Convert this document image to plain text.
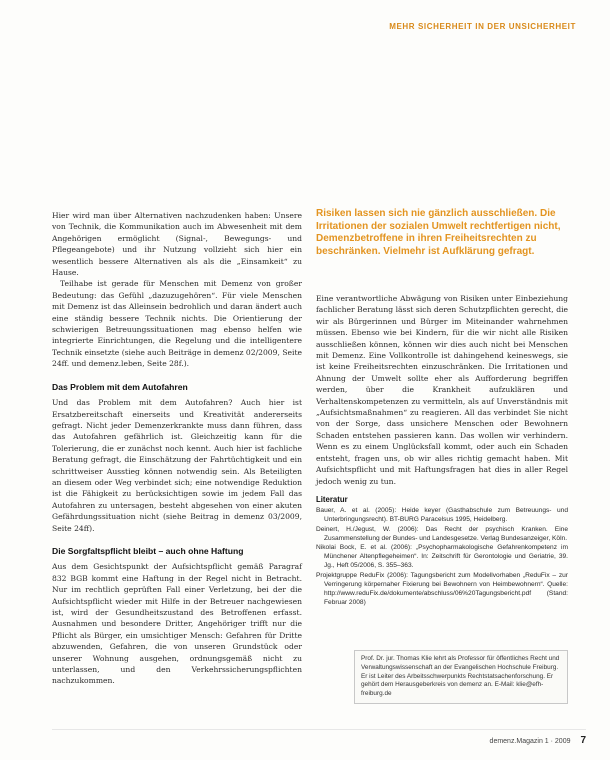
MEHR SICHERHEIT IN DER UNSICHERHEIT

Hier wird man über Alternativen nachzudenken haben: Unsere von Technik, die Kommunikation auch im Abwesenheit mit dem Angehörigen ermöglicht (Signal-, Bewegungs- und Pflegeangebote) und ihr Nutzung vollzieht sich hier ein wesentlich bessere Alternativen als als die „Einsamkeit“ zu Hause.

Teilhabe ist gerade für Menschen mit Demenz von großer Bedeutung: das Gefühl „dazuzugehören“. Für viele Menschen mit Demenz ist das Alleinsein bedrohlich und daran ändert auch eine ständig bessere Technik nichts. Die Orientierung der schwierigen Betreuungssituationen mag ebenso helfen wie integrierte Einrichtungen, die Regelung und die intelligentere Technik einsetzte (siehe auch Beiträge in demenz 02/2009, Seite 24ff. und demenz.leben, Seite 28f.).

Das Problem mit dem Autofahren

Und das Problem mit dem Autofahren? Auch hier ist Ersatzbereitschaft einerseits und Kreativität andererseits gefragt. Nicht jeder Demenzerkrankte muss dann führen, dass das Autofahren gefährlich ist. Gleichzeitig kann für die Tolerierung, die er zunächst noch kennt. Auch hier ist fachliche Beratung gefragt, die Einschätzung der Fahrtüchtigkeit und ein schrittweiser Ausstieg können notwendig sein. Als Beteiligten an diesem oder Weg verbindet sich; eine notwendige Reduktion ist die Fähigkeit zu berücksichtigen sowie im jedem Fall das Autofahren zu untersagen, besteht abgesehen von einer akuten Gefährdungssituation nicht (siehe Beitrag in demenz 03/2009, Seite 24ff).

Die Sorgfaltspflicht bleibt – auch ohne Haftung

Aus dem Gesichtspunkt der Aufsichtspflicht gemäß Paragraf 832 BGB kommt eine Haftung in der Regel nicht in Betracht. Nur im rechtlich geprüften Fall einer Verletzung, bei der die Aufsichtspflicht wieder mit Hilfe in der Betreuer nachgewiesen ist, wird der Gesundheitszustand des Betroffenen erfasst. Ausnahmen und besondere Dritter, Angehöriger trifft nur die Pflicht als Bürger, ein umsichtiger Mensch: Gefahren für Dritte abzuwenden, Gefahren, die von unseren Grundstück oder unserer Wohnung ausgehen, ordnungsgemäß nicht zu unterlassen, und den Verkehrssicherungspflichten nachzukommen.

Risiken lassen sich nie gänzlich ausschließen. Die Irritationen der sozialen Umwelt rechtfertigen nicht, Demenzbetroffene in ihren Freiheitsrechten zu beschränken. Vielmehr ist Aufklärung gefragt.

Eine verantwortliche Abwägung von Risiken unter Einbeziehung fachlicher Beratung lässt sich deren Schutzpflichten gerecht, die wir als Bürgerinnen und Bürger im Miteinander wahrnehmen müssen. Ebenso wie bei Kindern, für die wir nicht alle Risiken ausschließen können, können wir dies auch nicht bei Menschen mit Demenz. Eine Vollkontrolle ist dahingehend keineswegs, sie ist keine Freiheitsrechten einzuschränken. Die Irritationen und Ahnung der Umwelt sollte eher als Aufforderung begriffen werden, über die Krankheit aufzuklären und Verhaltenskompetenzen zu vermitteln, als auf Unverständnis mit „Aufsichtsmaßnahmen“ zu reagieren. All das verbindet Sie nicht von der Sorge, dass unsichere Menschen oder Bewohnern Schaden entstehen passieren kann. Das wollen wir verhindern. Wenn es zu einem Unglücksfall kommt, oder auch ein Schaden entsteht, fragen uns, ob wir alles richtig gemacht haben. Mit Aufsichtspflicht und mit Haftungsfragen hat dies in aller Regel jedoch wenig zu tun.

Literatur
Bauer, A. et al. (2005): Heide keyer (Gasthabschule zum Betreuungs- und Unterbringungsrecht). BT-BURG Paracelsus 1995, Heidelberg.
Deinert, H./Jegust, W. (2006): Das Recht der psychisch Kranken. Eine Zusammenstellung der Bundes- und Landesgesetze. Verlag Bundesanzeiger, Köln.
Nikolai Bock, E. et al. (2006): „Psychopharmakologische Gefahrenkompetenz im Münchener Altenpflegeheimen“. In: Zeitschrift für Gerontologie und Geriatrie, 39. Jg., Heft 05/2006, S. 355–363.
Projektgruppe ReduFix (2006): Tagungsbericht zum Modellvorhaben „ReduFix – zur Verringerung körpernaher Fixierung bei Bewohnern von Heimbewohnern“. Quelle: http://www.reduFix.de/dokumente/abschluss/06%20Tagungsbericht.pdf (Stand: Februar 2008)
Prof. Dr. jur. Thomas Klie lehrt als Professor für öffentliches Recht und Verwaltungswissenschaft an der Evangelischen Hochschule Freiburg. Er ist Leiter des Arbeitsschwerpunkts Rechtstatsachenforschung. Er gehört dem Herausgeberkreis von demenz an. E-Mail: klie@efh-freiburg.de
demenz.Magazin 1 · 2009 7
